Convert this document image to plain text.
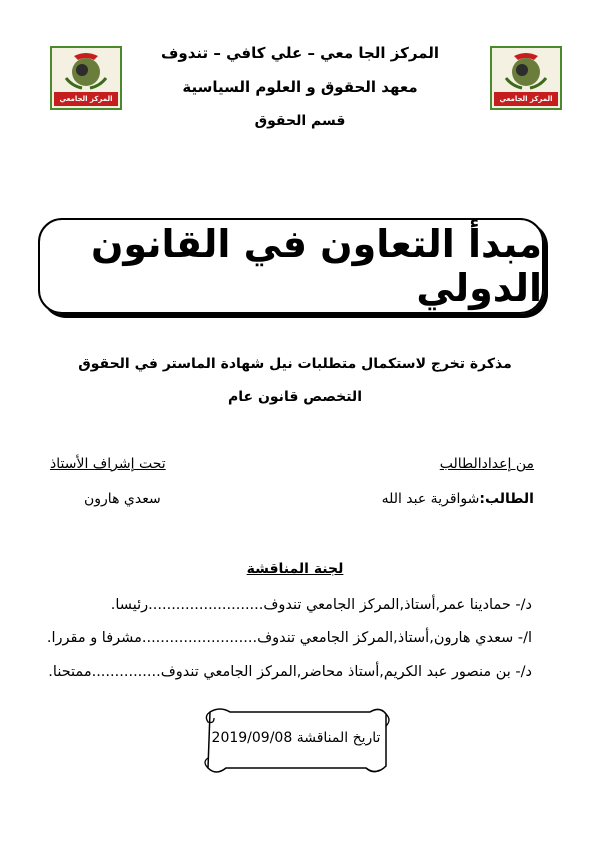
المركز الجامعي تندوف
المركز الجامعي تندوف
المركز الجا معي – علي كافي – تندوف
معهد الحقوق و العلوم السياسية
قسم الحقوق
مبدأ التعاون في القانون الدولي
مذكرة تخرج لاستكمال متطلبات نيل شهادة الماستر في الحقوق
التخصص قانون عام
من إعدادالطالب
تحت إشراف الأستاذ
الطالب:شواقرية عبد الله
سعدي هارون
لجنة المناقشة
د/- حمادينا عمر,أستاذ,المركز الجامعي تندوف.........................رئيسا.
ا/- سعدي هارون,أستاذ,المركز الجامعي تندوف.........................مشرفا و مقررا.
د/- بن منصور عبد الكريم,أستاذ محاضر,المركز الجامعي تندوف...............ممتحنا.
تاريخ المناقشة 2019/09/08
